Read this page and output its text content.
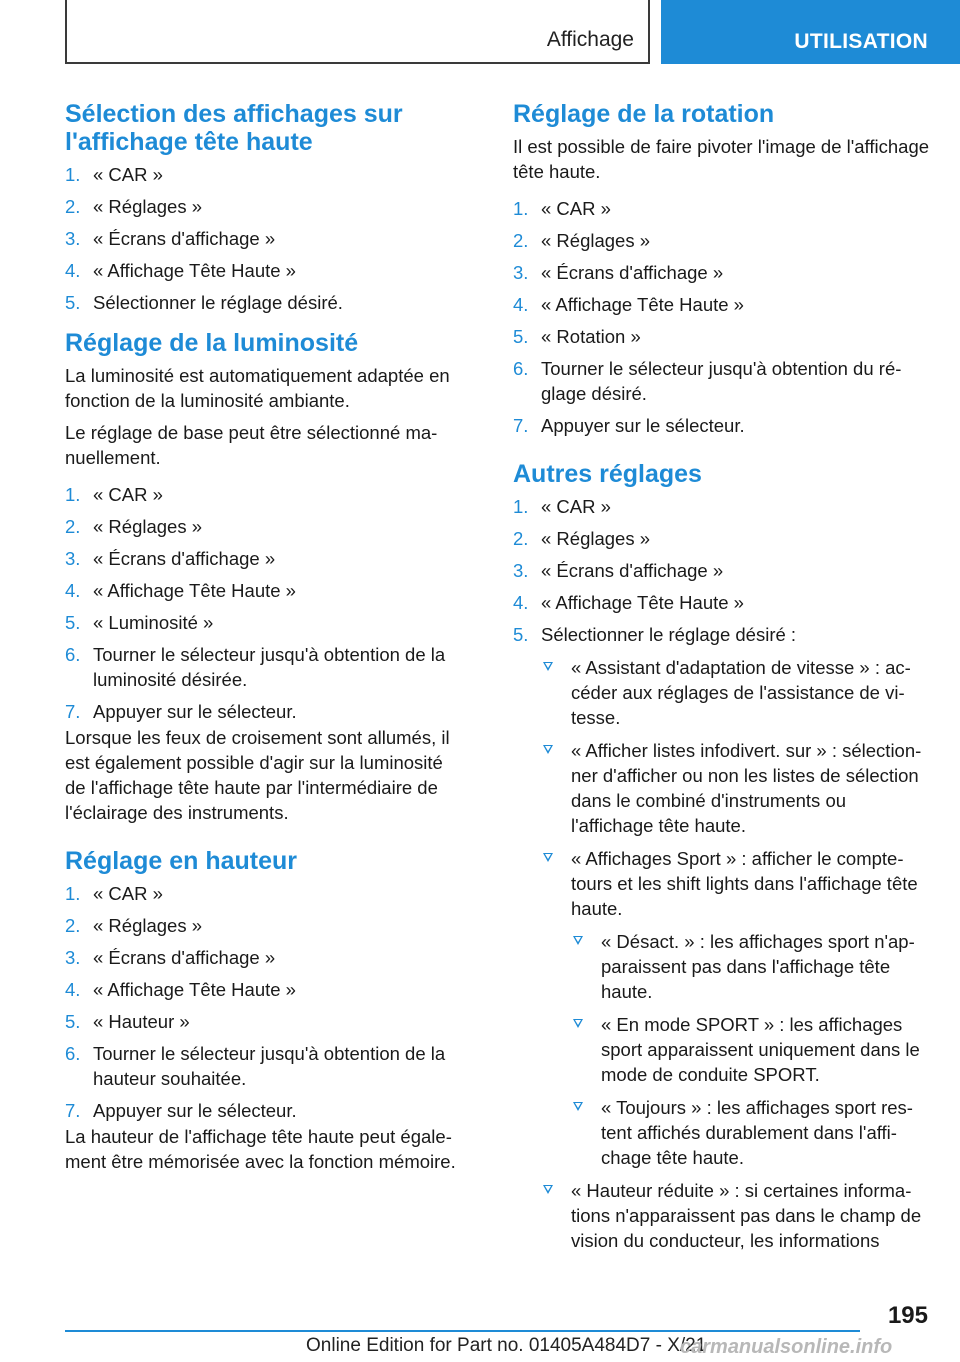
Affichage	UTILISATION
Sélection des affichages sur
l'affichage tête haute
1. « CAR »
2. « Réglages »
3. « Écrans d'affichage »
4. « Affichage Tête Haute »
5. Sélectionner le réglage désiré.
Réglage de la luminosité

La luminosité est automatiquement adaptée en fonction de la luminosité ambiante.

Le réglage de base peut être sélectionné manuellement.

1. « CAR »
2. « Réglages »
3. « Écrans d'affichage »
4. « Affichage Tête Haute »
5. « Luminosité »
6. Tourner le sélecteur jusqu'à obtention de la luminosité désirée.
7. Appuyer sur le sélecteur.

Lorsque les feux de croisement sont allumés, il est également possible d'agir sur la luminosité de l'affichage tête haute par l'intermédiaire de l'éclairage des instruments.

Réglage en hauteur
1. « CAR »
2. « Réglages »
3. « Écrans d'affichage »
4. « Affichage Tête Haute »
5. « Hauteur »
6. Tourner le sélecteur jusqu'à obtention de la hauteur souhaitée.
7. Appuyer sur le sélecteur.

La hauteur de l'affichage tête haute peut également être mémorisée avec la fonction mémoire.

Réglage de la rotation

Il est possible de faire pivoter l'image de l'affichage tête haute.

1. « CAR »
2. « Réglages »
3. « Écrans d'affichage »
4. « Affichage Tête Haute »
5. « Rotation »
6. Tourner le sélecteur jusqu'à obtention du réglage désiré.
7. Appuyer sur le sélecteur.
Autres réglages
1. « CAR »
2. « Réglages »
3. « Écrans d'affichage »
4. « Affichage Tête Haute »
5. Sélectionner le réglage désiré :
« Assistant d'adaptation de vitesse » : accéder aux réglages de l'assistance de vitesse.
« Afficher listes infodivert. sur » : sélectionner d'afficher ou non les listes de sélection dans le combiné d'instruments ou l'affichage tête haute.
« Affichages Sport » : afficher le compte-tours et les shift lights dans l'affichage tête haute.
« Désact. » : les affichages sport n'apparaissent pas dans l'affichage tête haute.
« En mode SPORT » : les affichages sport apparaissent uniquement dans le mode de conduite SPORT.
« Toujours » : les affichages sport restent affichés durablement dans l'affichage tête haute.
« Hauteur réduite » : si certaines informations n'apparaissent pas dans le champ de vision du conducteur, les informations
195
Online Edition for Part no. 01405A484D7 - X/21
carmanualsonline.info
